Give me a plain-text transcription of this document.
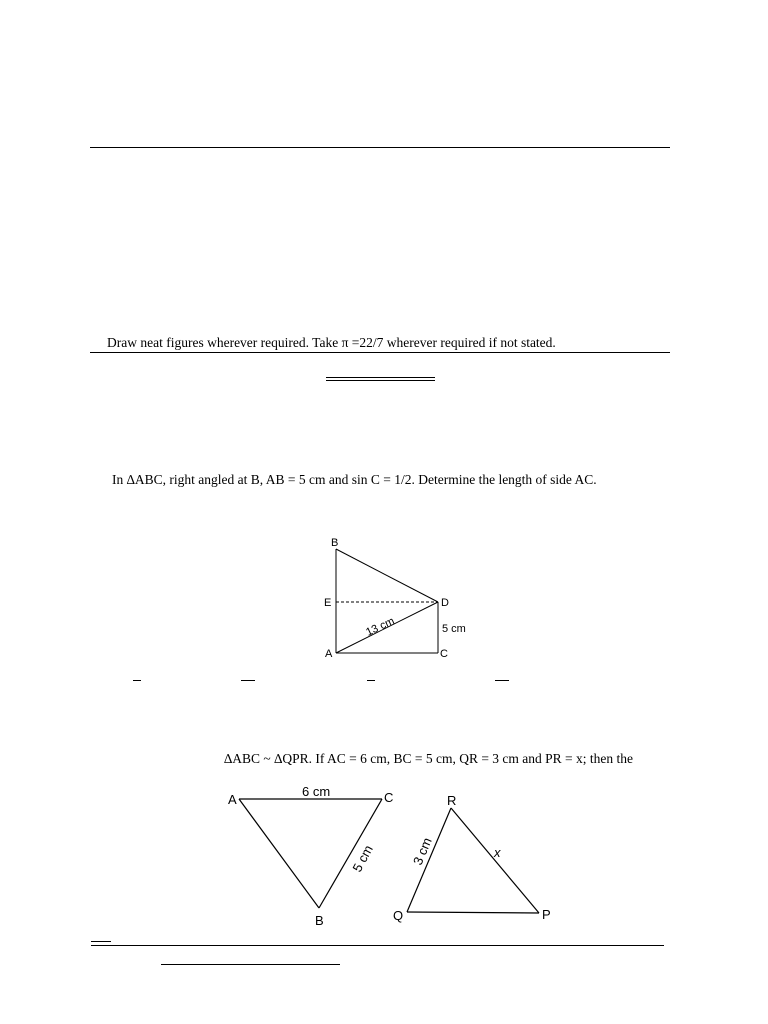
Draw neat figures wherever required. Take π =22/7 wherever required if not stated.
In ∆ABC, right angled at B, AB = 5 cm and sin C = 1/2. Determine the length of side AC.
B
E
A
D
C
13 cm	5 cm
∆ABC ~ ∆QPR. If AC = 6 cm, BC = 5 cm, QR = 3 cm and PR = x; then the
A	C
B
6 cm
5 cm
R
Q	P
3 cm	x
